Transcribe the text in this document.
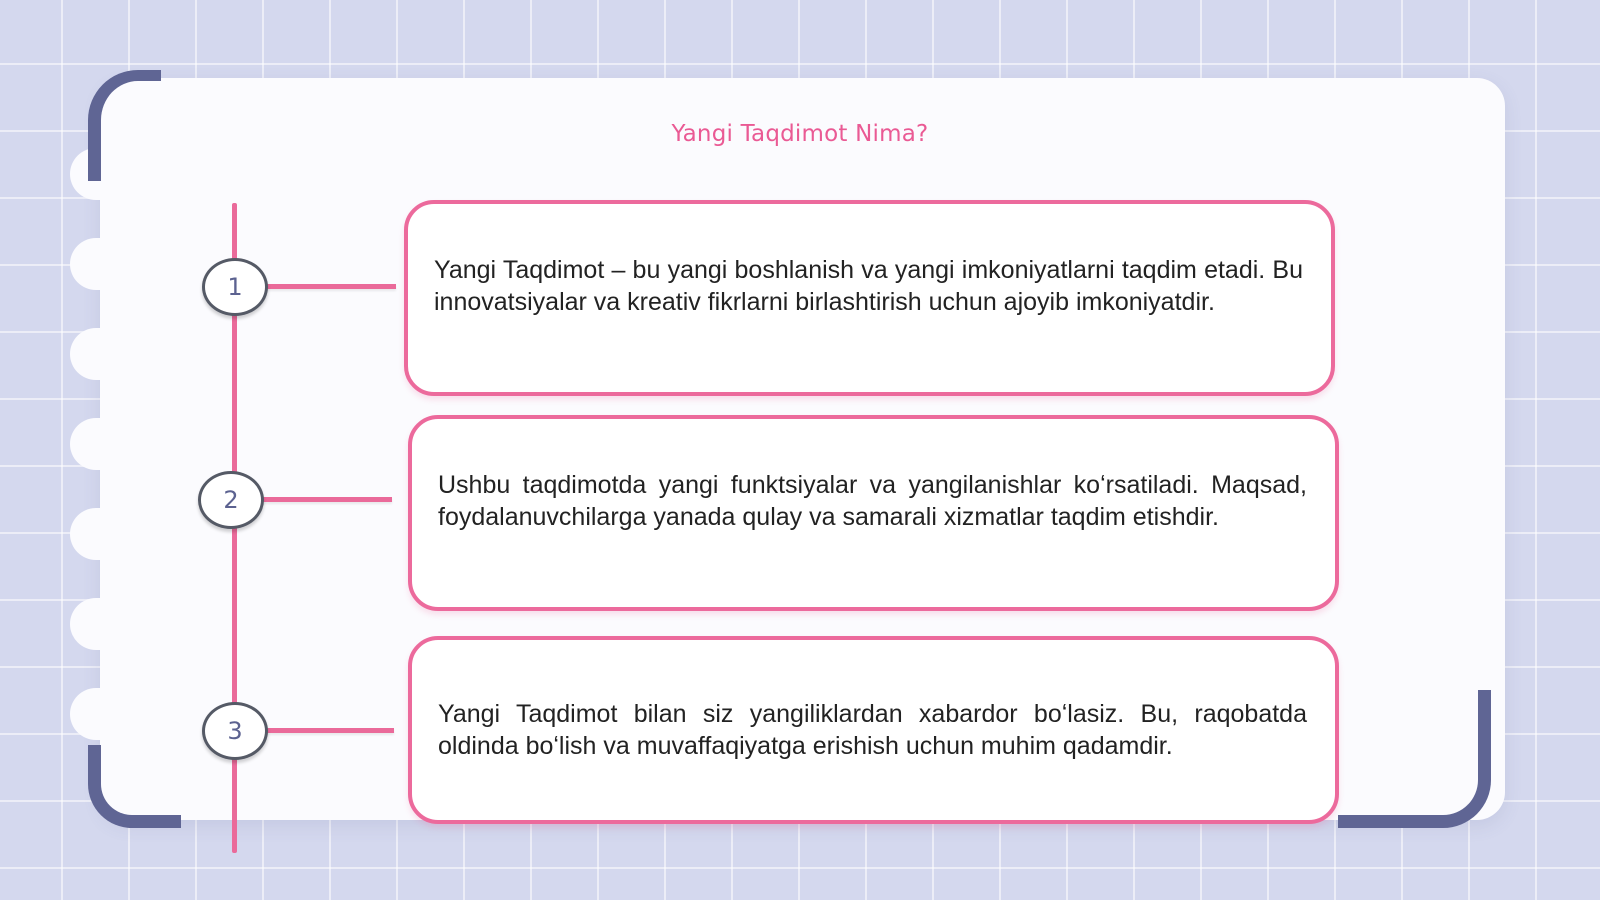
Yangi Taqdimot Nima?
1
2
3

Yangi Taqdimot – bu yangi boshlanish va yangi imkoniyatlarni taqdim etadi. Bu innovatsiyalar va kreativ fikrlarni birlashtirish uchun ajoyib imkoniyatdir.

Ushbu taqdimotda yangi funktsiyalar va yangilanishlar koʻrsatiladi. Maqsad, foydalanuvchilarga yanada qulay va samarali xizmatlar taqdim etishdir.

Yangi Taqdimot bilan siz yangiliklardan xabardor boʻlasiz. Bu, raqobatda oldinda boʻlish va muvaffaqiyatga erishish uchun muhim qadamdir.
